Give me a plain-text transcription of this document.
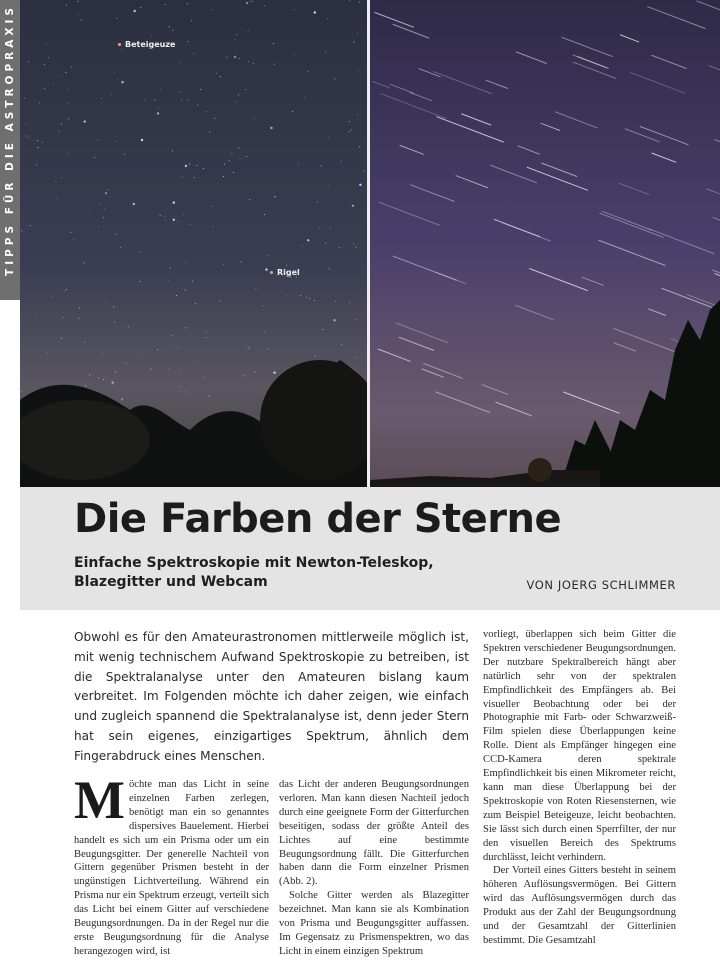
TIPPS FÜR DIE ASTROPRAXIS	Beteigeuze
Rigel
Die Farben der Sterne
Einfache Spektroskopie mit Newton-Teleskop,
Blazegitter und Webcam	VON JOERG SCHLIMMER
Obwohl es für den Amateurastronomen mittlerweile möglich ist, mit wenig technischem Aufwand Spektroskopie zu betreiben, ist die Spektralanalyse unter den Amateuren bislang kaum verbreitet. Im Folgenden möchte ich daher zeigen, wie einfach und zugleich spannend die Spektralanalyse ist, denn jeder Stern hat sein eigenes, einzigartiges Spektrum, ähnlich dem Fingerabdruck eines Menschen.
M öchte man das Licht in seine einzelnen Farben zerlegen, benötigt man ein so genanntes dispersives Bauelement. Hierbei handelt es sich um ein Prisma oder um ein Beugungsgitter. Der generelle Nachteil von Gittern gegenüber Prismen besteht in der ungünstigen Lichtverteilung. Während ein Prisma nur ein Spektrum erzeugt, verteilt sich das Licht bei einem Gitter auf verschiedene Beugungsordnungen. Da in der Regel nur die erste Beugungsordnung für die Analyse herangezogen wird, ist

das Licht der anderen Beugungsordnungen verloren. Man kann diesen Nachteil jedoch durch eine geeignete Form der Gitterfurchen beseitigen, sodass der größte Anteil des Lichtes auf eine bestimmte Beugungsordnung fällt. Die Gitterfurchen haben dann die Form einzelner Prismen (Abb. 2).

Solche Gitter werden als Blazegitter bezeichnet. Man kann sie als Kombination von Prisma und Beugungsgitter auffassen. Im Gegensatz zu Prismenspektren, wo das Licht in einem einzigen Spektrum

vorliegt, überlappen sich beim Gitter die Spektren verschiedener Beugungsordnungen. Der nutzbare Spektralbereich hängt aber natürlich sehr von der spektralen Empfindlichkeit des Empfängers ab. Bei visueller Beobachtung oder bei der Photographie mit Farb- oder Schwarzweiß-Film spielen diese Überlappungen keine Rolle. Dient als Empfänger hingegen eine CCD-Kamera deren spektrale Empfindlichkeit bis einen Mikrometer reicht, kann man diese Überlappung bei der Spektroskopie von Roten Riesensternen, wie zum Beispiel Beteigeuze, leicht beobachten. Sie lässt sich durch einen Sperrfilter, der nur den visuellen Bereich des Spektrums durchlässt, leicht verhindern.

Der Vorteil eines Gitters besteht in seinem höheren Auflösungsvermögen. Bei Gittern wird das Auflösungsvermögen durch das Produkt aus der Zahl der Beugungsordnung und der Gesamtzahl der Gitterlinien bestimmt. Die Gesamtzahl
